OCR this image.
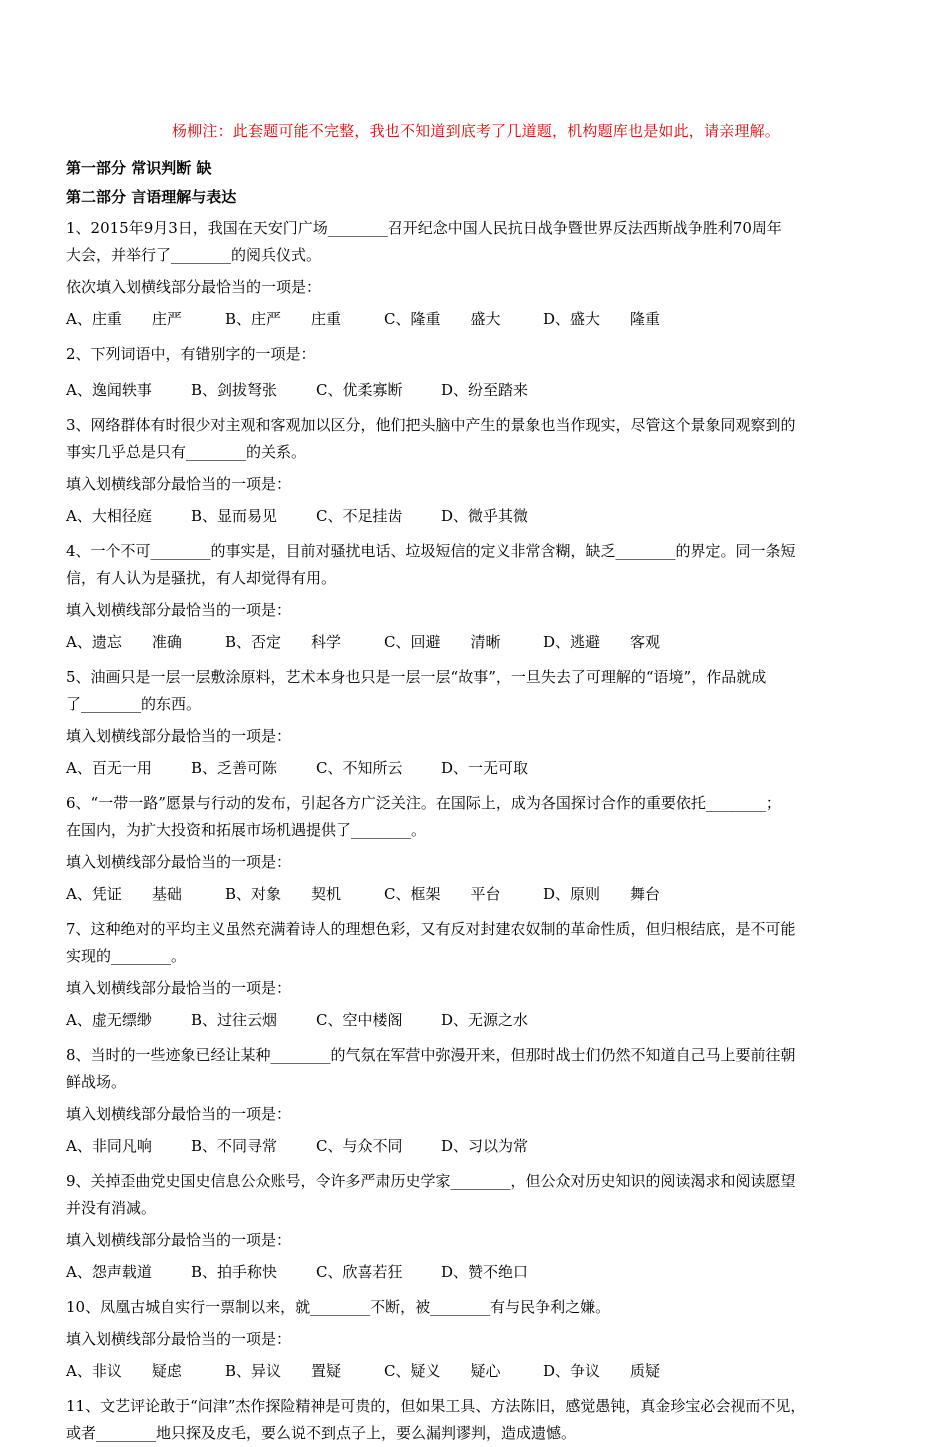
杨柳注：此套题可能不完整，我也不知道到底考了几道题，机构题库也是如此，请亲理解。

第一部分 常识判断 缺

第二部分 言语理解与表达

1、2015年9月3日，我国在天安门广场________召开纪念中国人民抗日战争暨世界反法西斯战争胜利70周年
大会，并举行了________的阅兵仪式。

依次填入划横线部分最恰当的一项是：

A、庄重　　庄严	B、庄严　　庄重	C、隆重　　盛大	D、盛大　　隆重

2、下列词语中，有错别字的一项是：

A、逸闻轶事	B、剑拔弩张	C、优柔寡断	D、纷至踏来

3、网络群体有时很少对主观和客观加以区分，他们把头脑中产生的景象也当作现实，尽管这个景象同观察到的
事实几乎总是只有________的关系。

填入划横线部分最恰当的一项是：

A、大相径庭	B、显而易见	C、不足挂齿	D、微乎其微

4、一个不可________的事实是，目前对骚扰电话、垃圾短信的定义非常含糊，缺乏________的界定。同一条短
信，有人认为是骚扰，有人却觉得有用。

填入划横线部分最恰当的一项是：

A、遗忘　　准确	B、否定　　科学	C、回避　　清晰	D、逃避　　客观

5、油画只是一层一层敷涂原料，艺术本身也只是一层一层“故事”，一旦失去了可理解的“语境”，作品就成
了________的东西。

填入划横线部分最恰当的一项是：

A、百无一用	B、乏善可陈	C、不知所云	D、一无可取

6、“一带一路”愿景与行动的发布，引起各方广泛关注。在国际上，成为各国探讨合作的重要依托________；
在国内，为扩大投资和拓展市场机遇提供了________。

填入划横线部分最恰当的一项是：

A、凭证　　基础	B、对象　　契机	C、框架　　平台	D、原则　　舞台

7、这种绝对的平均主义虽然充满着诗人的理想色彩，又有反对封建农奴制的革命性质，但归根结底，是不可能
实现的________。

填入划横线部分最恰当的一项是：

A、虚无缥缈	B、过往云烟	C、空中楼阁	D、无源之水

8、当时的一些迹象已经让某种________的气氛在军营中弥漫开来，但那时战士们仍然不知道自己马上要前往朝
鲜战场。

填入划横线部分最恰当的一项是：

A、非同凡响	B、不同寻常	C、与众不同	D、习以为常

9、关掉歪曲党史国史信息公众账号，令许多严肃历史学家________，但公众对历史知识的阅读渴求和阅读愿望
并没有消减。

填入划横线部分最恰当的一项是：

A、怨声载道	B、拍手称快	C、欣喜若狂	D、赞不绝口

10、凤凰古城自实行一票制以来，就________不断，被________有与民争利之嫌。

填入划横线部分最恰当的一项是：

A、非议　　疑虑	B、异议　　置疑	C、疑义　　疑心	D、争议　　质疑

11、文艺评论敢于“问津”杰作探险精神是可贵的，但如果工具、方法陈旧，感觉愚钝，真金珍宝必会视而不见，
或者________地只探及皮毛，要么说不到点子上，要么漏判谬判，造成遗憾。
